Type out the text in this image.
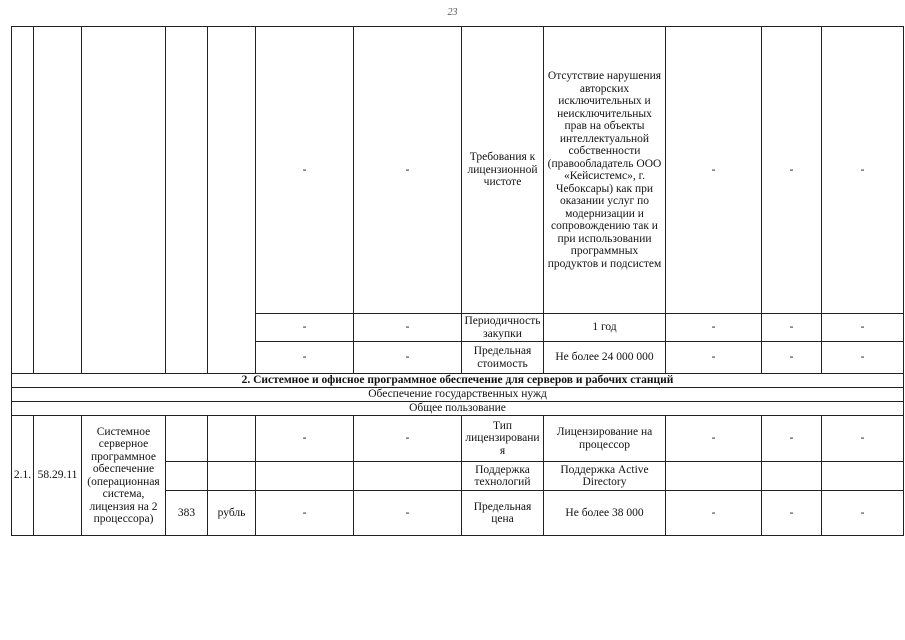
23
					-	-	Требования к лицензионной чистоте	Отсутствие нарушения авторских исключительных и неисключительных прав на объекты интеллектуальной собственности (правообладатель ООО «Кейсистемс», г. Чебоксары) как при оказании услуг по модернизации и сопровождению так и при использовании программных продуктов и подсистем	-	-	-
					-	-	Периодичность закупки	1 год	-	-	-
					-	-	Предельная стоимость	Не более 24 000 000	-	-	-
2. Системное и офисное программное обеспечение для серверов и рабочих станций											
Обеспечение государственных нужд											
Общее пользование											
2.1.	58.29.11	Системное серверное программное обеспечение (операционная система, лицензия на 2 процессора)			-	-	Тип лицензирования	Лицензирование на процессор	-	-	-
							Поддержка технологий	Поддержка Active Directory			
			383	рубль	-	-	Предельная цена	Не более 38 000	-	-	-
